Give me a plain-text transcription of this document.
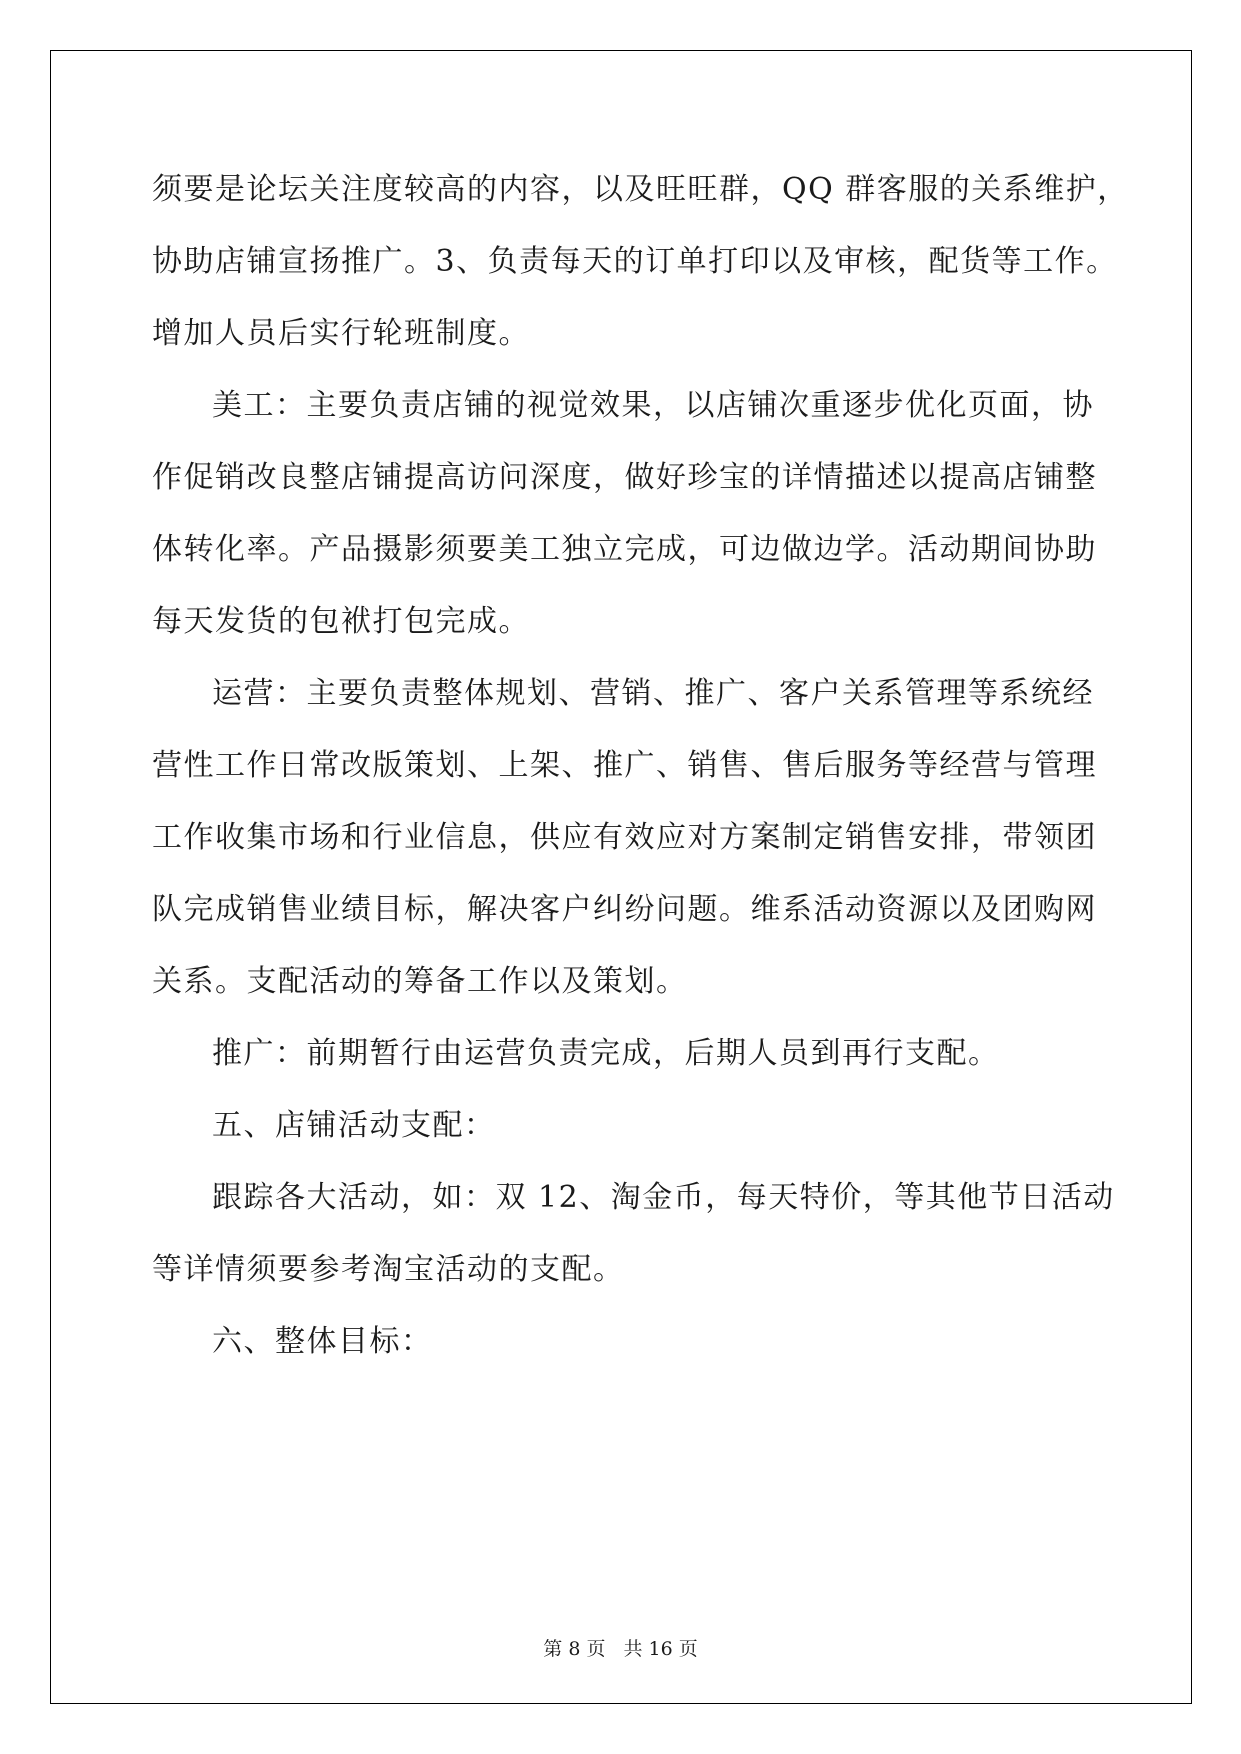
须要是论坛关注度较高的内容，以及旺旺群，QQ 群客服的关系维护，
协助店铺宣扬推广。3、负责每天的订单打印以及审核，配货等工作。
增加人员后实行轮班制度。
美工：主要负责店铺的视觉效果，以店铺次重逐步优化页面，协
作促销改良整店铺提高访问深度，做好珍宝的详情描述以提高店铺整
体转化率。产品摄影须要美工独立完成，可边做边学。活动期间协助
每天发货的包袱打包完成。
运营：主要负责整体规划、营销、推广、客户关系管理等系统经
营性工作日常改版策划、上架、推广、销售、售后服务等经营与管理
工作收集市场和行业信息，供应有效应对方案制定销售安排，带领团
队完成销售业绩目标，解决客户纠纷问题。维系活动资源以及团购网
关系。支配活动的筹备工作以及策划。
推广：前期暂行由运营负责完成，后期人员到再行支配。
五、店铺活动支配：
跟踪各大活动，如：双 12、淘金币，每天特价，等其他节日活动
等详情须要参考淘宝活动的支配。
六、整体目标：
第 8 页 共 16 页
